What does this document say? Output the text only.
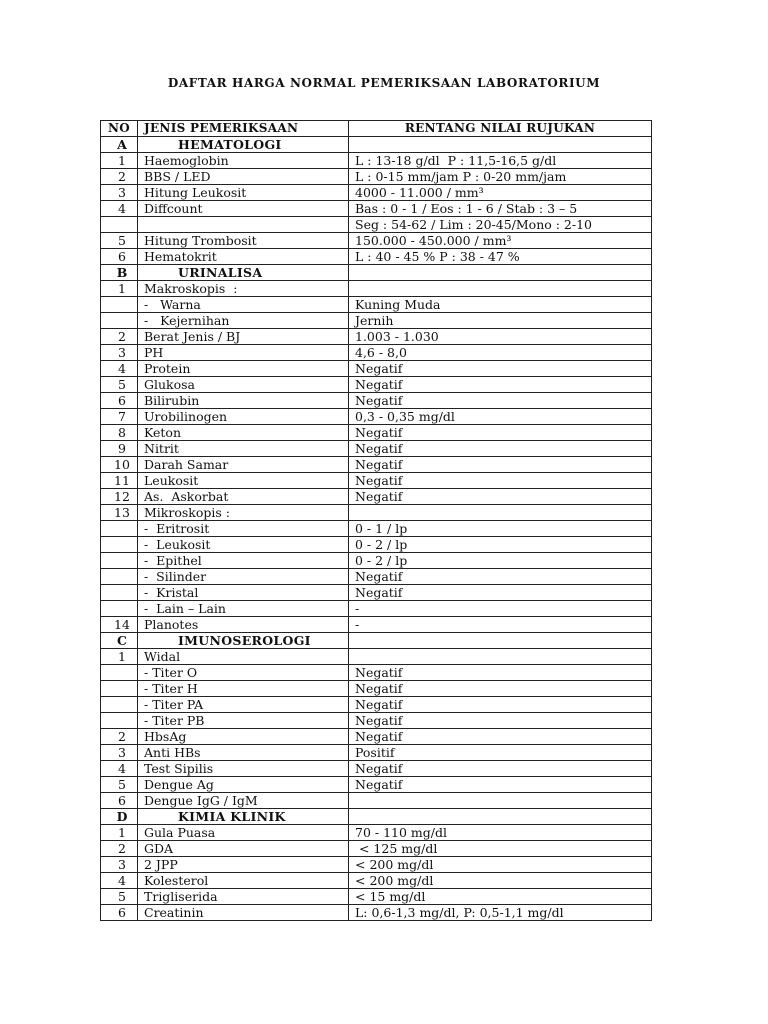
DAFTAR HARGA NORMAL PEMERIKSAAN LABORATORIUM
NO	JENIS PEMERIKSAAN	RENTANG NILAI RUJUKAN
A	HEMATOLOGI	
1	Haemoglobin	L : 13-18 g/dl  P : 11,5-16,5 g/dl
2	BBS / LED	L : 0-15 mm/jam P : 0-20 mm/jam
3	Hitung Leukosit	4000 - 11.000 / mm³
4	Diffcount	Bas : 0 - 1 / Eos : 1 - 6 / Stab : 3 – 5
		Seg : 54-62 / Lim : 20-45/Mono : 2-10
5	Hitung Trombosit	150.000 - 450.000 / mm³
6	Hematokrit	L : 40 - 45 % P : 38 - 47 %
B	URINALISA	
1	Makroskopis  :	
	-   Warna	Kuning Muda
	-   Kejernihan	Jernih
2	Berat Jenis / BJ	1.003 - 1.030
3	PH	4,6 - 8,0
4	Protein	Negatif
5	Glukosa	Negatif
6	Bilirubin	Negatif
7	Urobilinogen	0,3 - 0,35 mg/dl
8	Keton	Negatif
9	Nitrit	Negatif
10	Darah Samar	Negatif
11	Leukosit	Negatif
12	As.  Askorbat	Negatif
13	Mikroskopis :	
	-  Eritrosit	0 - 1 / lp
	-  Leukosit	0 - 2 / lp
	-  Epithel	0 - 2 / lp
	-  Silinder	Negatif
	-  Kristal	Negatif
	-  Lain – Lain	-
14	Planotes	-
C	IMUNOSEROLOGI	
1	Widal	
	- Titer O	Negatif
	- Titer H	Negatif
	- Titer PA	Negatif
	- Titer PB	Negatif
2	HbsAg	Negatif
3	Anti HBs	Positif
4	Test Sipilis	Negatif
5	Dengue Ag	Negatif
6	Dengue IgG / IgM	
D	KIMIA KLINIK	
1	Gula Puasa	70 - 110 mg/dl
2	GDA	< 125 mg/dl
3	2 JPP	< 200 mg/dl
4	Kolesterol	< 200 mg/dl
5	Trigliserida	< 15 mg/dl
6	Creatinin	L: 0,6-1,3 mg/dl, P: 0,5-1,1 mg/dl
